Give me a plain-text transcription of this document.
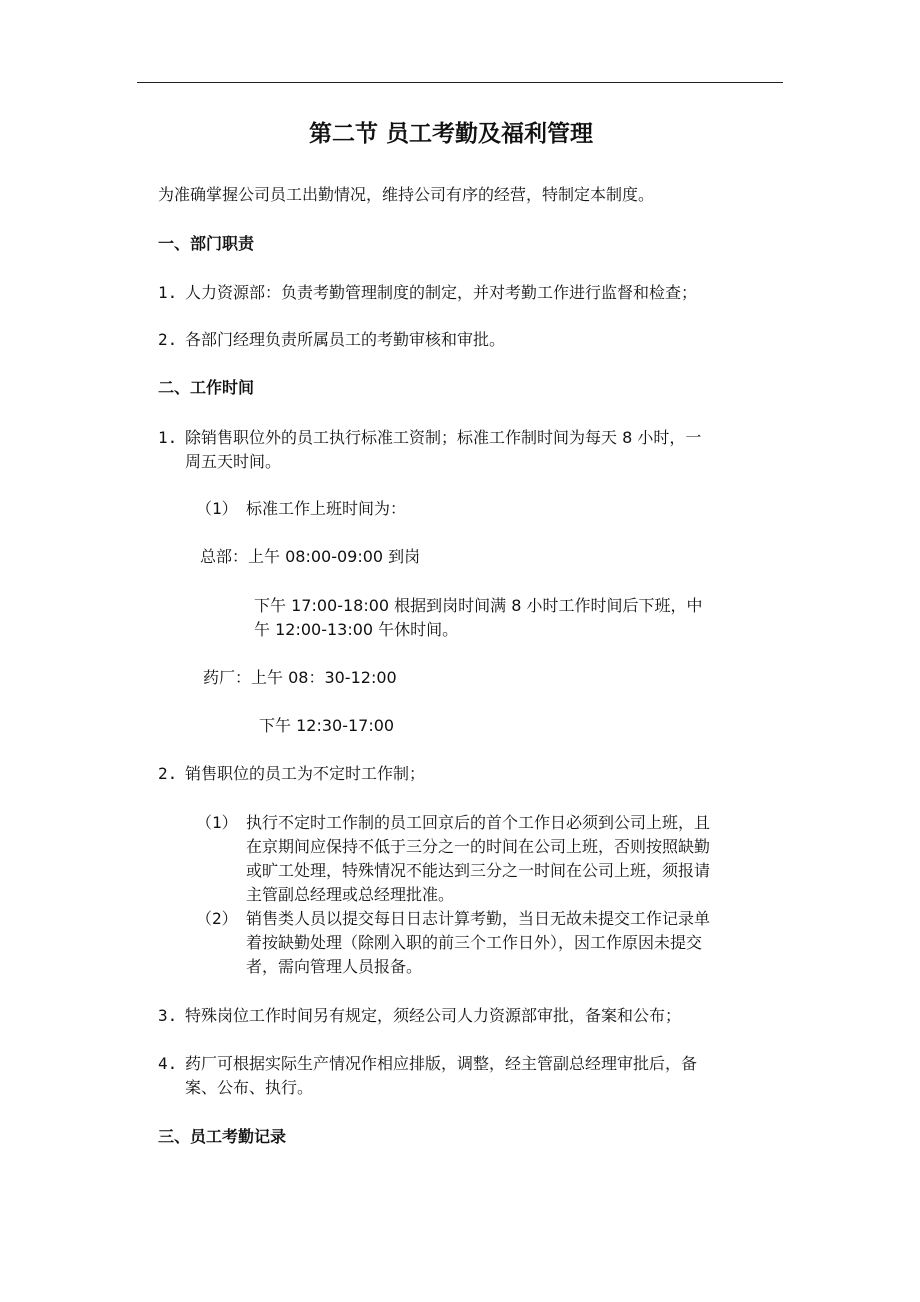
第二节 员工考勤及福利管理
为准确掌握公司员工出勤情况，维持公司有序的经营，特制定本制度。
一、部门职责
1. 人力资源部：负责考勤管理制度的制定，并对考勤工作进行监督和检查；
2. 各部门经理负责所属员工的考勤审核和审批。
二、工作时间
1. 除销售职位外的员工执行标准工资制；标准工作制时间为每天 8 小时，一
周五天时间。
（1） 标准工作上班时间为：
总部：上午 08:00-09:00 到岗
下午 17:00-18:00 根据到岗时间满 8 小时工作时间后下班，中
午 12:00-13:00 午休时间。
药厂：上午 08：30-12:00
下午 12:30-17:00
2. 销售职位的员工为不定时工作制；
（1） 执行不定时工作制的员工回京后的首个工作日必须到公司上班，且
在京期间应保持不低于三分之一的时间在公司上班，否则按照缺勤
或旷工处理，特殊情况不能达到三分之一时间在公司上班，须报请
主管副总经理或总经理批准。
（2） 销售类人员以提交每日日志计算考勤，当日无故未提交工作记录单
着按缺勤处理（除刚入职的前三个工作日外），因工作原因未提交
者，需向管理人员报备。
3. 特殊岗位工作时间另有规定，须经公司人力资源部审批，备案和公布；
4. 药厂可根据实际生产情况作相应排版，调整，经主管副总经理审批后，备
案、公布、执行。
三、员工考勤记录
